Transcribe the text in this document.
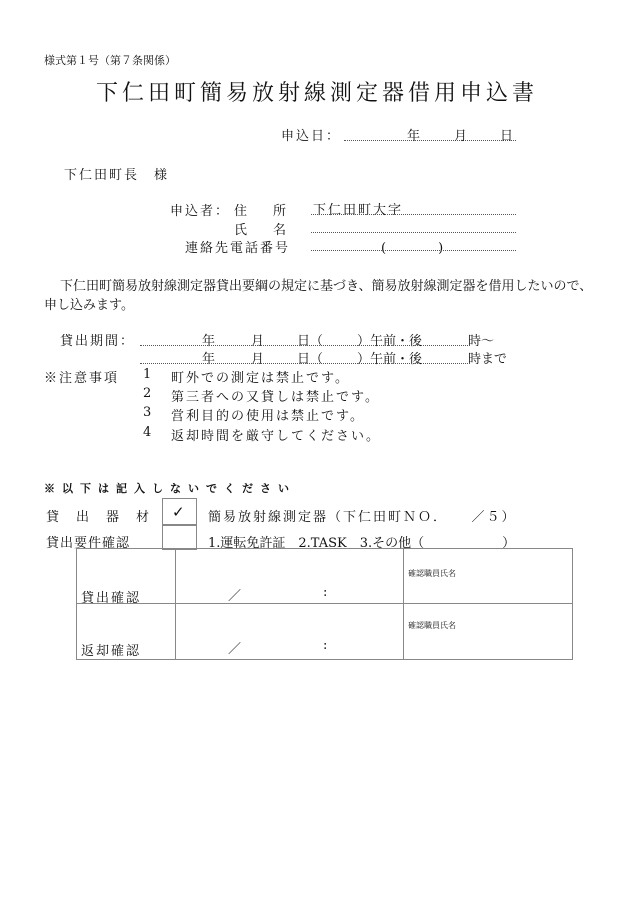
様式第１号（第７条関係）
下仁田町簡易放射線測定器借用申込書
申込日：	年	月	日
下仁田町長　様
申込者： 住　　所 下仁田町大字
氏　　名
連絡先電話番号	(　　　　)
下仁田町簡易放射線測定器貸出要綱の規定に基づき、簡易放射線測定器を借用したいので、
申し込みます。
貸出期間：	年	月	日（	）午前・後	時～
年	月	日（	）午前・後	時まで
※注意事項 1 町外での測定は禁止です。
2 第三者への又貸しは禁止です。
3 営利目的の使用は禁止です。
4 返却時間を厳守してください。
※以下は記入しないでください
貸　出　器　材 ✓ 簡易放射線測定器（下仁田町ＮＯ．　　／５）
貸出要件確認	1.運転免許証　2.TASK　3.その他（　　　　　　）
貸出確認	／	:
確認職員氏名
返却確認	／	:
確認職員氏名
